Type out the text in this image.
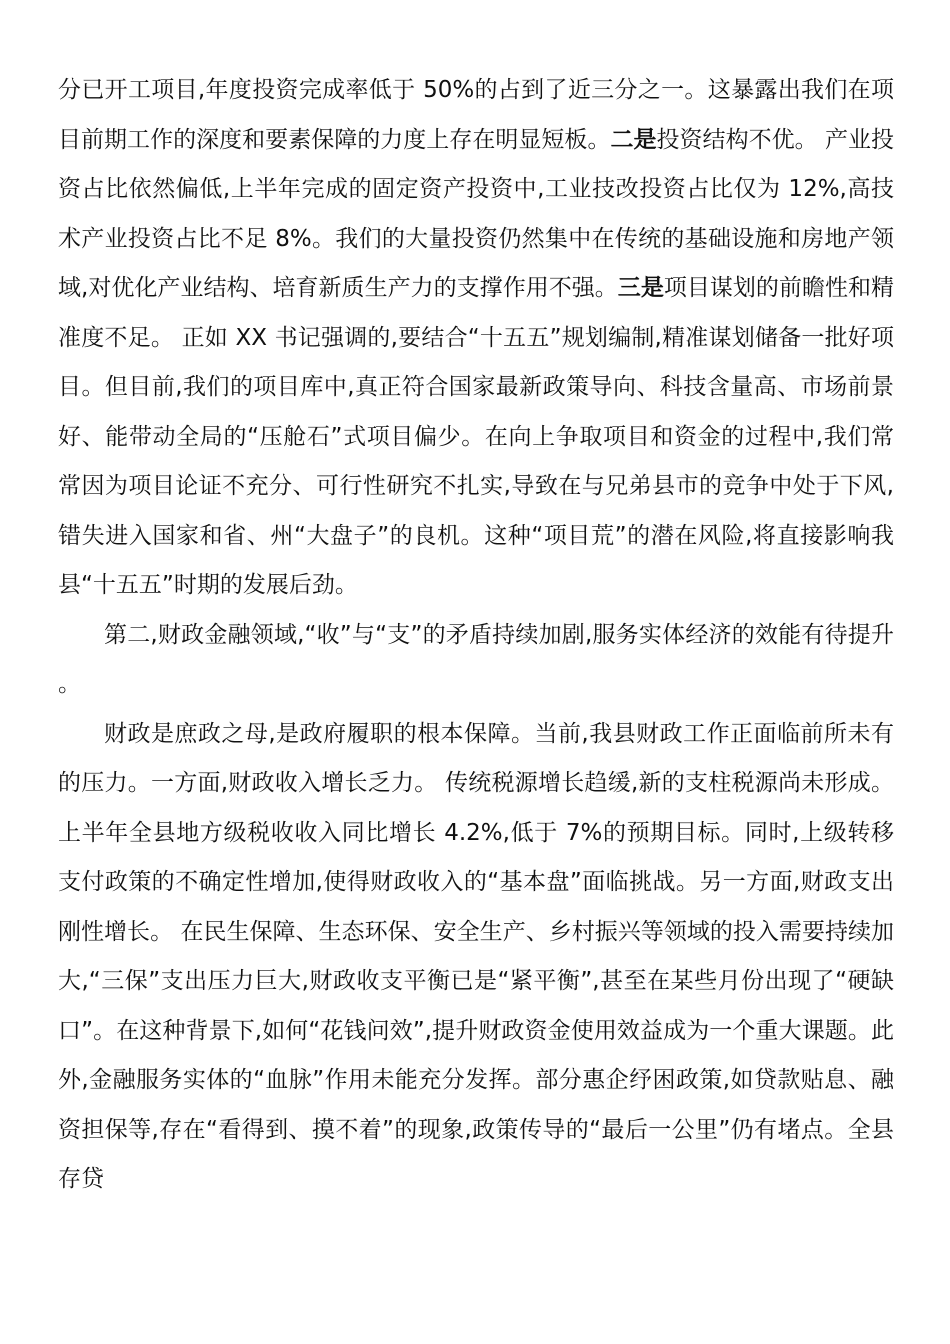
分已开工项目,年度投资完成率低于 50%的占到了近三分之一。这暴露出我们在项目前期工作的深度和要素保障的力度上存在明显短板。二是投资结构不优。 产业投资占比依然偏低,上半年完成的固定资产投资中,工业技改投资占比仅为 12%,高技术产业投资占比不足 8%。我们的大量投资仍然集中在传统的基础设施和房地产领域,对优化产业结构、培育新质生产力的支撑作用不强。三是项目谋划的前瞻性和精准度不足。 正如 XX 书记强调的,要结合“十五五”规划编制,精准谋划储备一批好项目。但目前,我们的项目库中,真正符合国家最新政策导向、科技含量高、市场前景好、能带动全局的“压舱石”式项目偏少。在向上争取项目和资金的过程中,我们常常因为项目论证不充分、可行性研究不扎实,导致在与兄弟县市的竞争中处于下风,错失进入国家和省、州“大盘子”的良机。这种“项目荒”的潜在风险,将直接影响我县“十五五”时期的发展后劲。

第二,财政金融领域,“收”与“支”的矛盾持续加剧,服务实体经济的效能有待提升。

财政是庶政之母,是政府履职的根本保障。当前,我县财政工作正面临前所未有的压力。一方面,财政收入增长乏力。 传统税源增长趋缓,新的支柱税源尚未形成。上半年全县地方级税收收入同比增长 4.2%,低于 7%的预期目标。同时,上级转移支付政策的不确定性增加,使得财政收入的“基本盘”面临挑战。另一方面,财政支出刚性增长。 在民生保障、生态环保、安全生产、乡村振兴等领域的投入需要持续加大,“三保”支出压力巨大,财政收支平衡已是“紧平衡”,甚至在某些月份出现了“硬缺口”。在这种背景下,如何“花钱问效”,提升财政资金使用效益成为一个重大课题。此外,金融服务实体的“血脉”作用未能充分发挥。部分惠企纾困政策,如贷款贴息、融资担保等,存在“看得到、摸不着”的现象,政策传导的“最后一公里”仍有堵点。全县存贷
